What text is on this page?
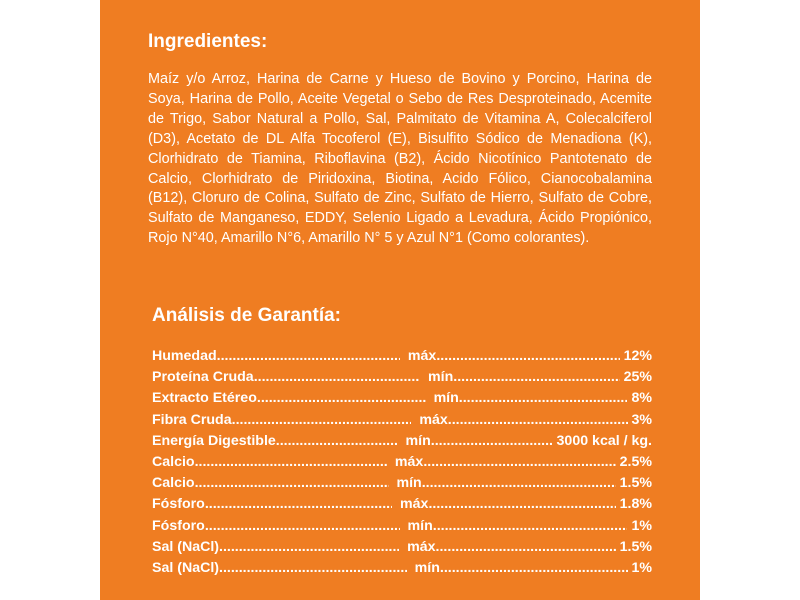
Ingredientes:

Maíz y/o Arroz, Harina de Carne y Hueso de Bovino y Porcino, Harina de Soya, Harina de Pollo, Aceite Vegetal o Sebo de Res Desproteinado, Acemite de Trigo, Sabor Natural a Pollo, Sal, Palmitato de Vitamina A, Colecalciferol (D3), Acetato de DL Alfa Tocoferol (E), Bisulfito Sódico de Menadiona (K), Clorhidrato de Tiamina, Riboflavina (B2), Ácido Nicotínico Pantotenato de Calcio, Clorhidrato de Piridoxina, Biotina, Acido Fólico, Cianocobalamina (B12), Cloruro de Colina, Sulfato de Zinc, Sulfato de Hierro, Sulfato de Cobre, Sulfato de Manganeso, EDDY, Selenio Ligado a Levadura, Ácido Propiónico, Rojo N°40, Amarillo N°6, Amarillo N° 5 y Azul N°1 (Como colorantes).

Análisis de Garantía:
Humedad .....	máx .....	12%
Proteína Cruda .....	mín .....	25%
Extracto Etéreo .....	mín .....	8%
Fibra Cruda .....	máx .....	3%
Energía Digestible .....	mín .....	3000 kcal / kg.
Calcio .....	máx .....	2.5%
Calcio .....	mín .....	1.5%
Fósforo .....	máx .....	1.8%
Fósforo .....	mín .....	1%
Sal (NaCl) .....	máx .....	1.5%
Sal (NaCl) .....	mín .....	1%
